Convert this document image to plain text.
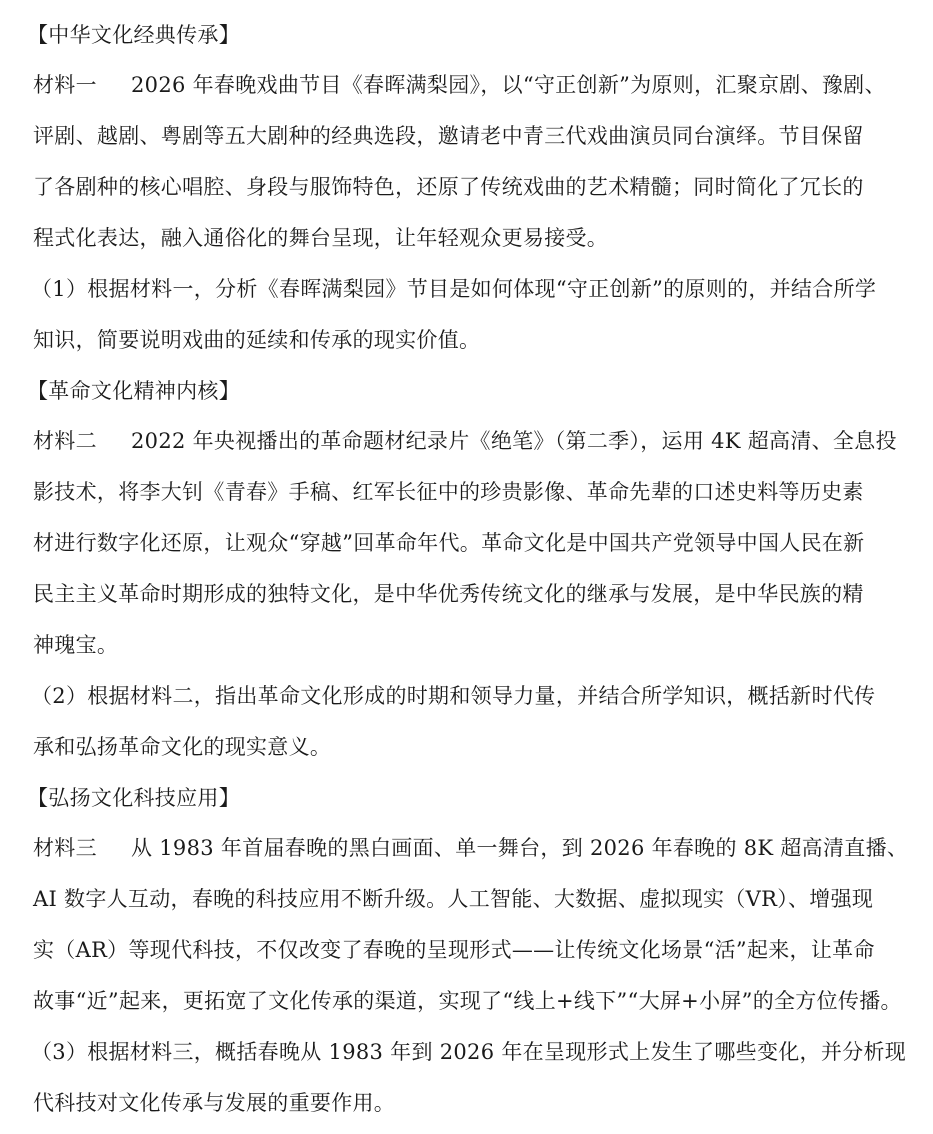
【中华文化经典传承】
材料一 2026 年春晚戏曲节目《春晖满梨园》，以“守正创新”为原则，汇聚京剧、豫剧、
评剧、越剧、粤剧等五大剧种的经典选段，邀请老中青三代戏曲演员同台演绎。节目保留
了各剧种的核心唱腔、身段与服饰特色，还原了传统戏曲的艺术精髓；同时简化了冗长的
程式化表达，融入通俗化的舞台呈现，让年轻观众更易接受。
（1）根据材料一，分析《春晖满梨园》节目是如何体现“守正创新”的原则的，并结合所学
知识，简要说明戏曲的延续和传承的现实价值。
【革命文化精神内核】
材料二 2022 年央视播出的革命题材纪录片《绝笔》（第二季），运用 4K 超高清、全息投
影技术，将李大钊《青春》手稿、红军长征中的珍贵影像、革命先辈的口述史料等历史素
材进行数字化还原，让观众“穿越”回革命年代。革命文化是中国共产党领导中国人民在新
民主主义革命时期形成的独特文化，是中华优秀传统文化的继承与发展，是中华民族的精
神瑰宝。
（2）根据材料二，指出革命文化形成的时期和领导力量，并结合所学知识，概括新时代传
承和弘扬革命文化的现实意义。
【弘扬文化科技应用】
材料三 从 1983 年首届春晚的黑白画面、单一舞台，到 2026 年春晚的 8K 超高清直播、
AI 数字人互动，春晚的科技应用不断升级。人工智能、大数据、虚拟现实（VR）、增强现
实（AR）等现代科技，不仅改变了春晚的呈现形式——让传统文化场景“活”起来，让革命
故事“近”起来，更拓宽了文化传承的渠道，实现了“线上+线下”“大屏+小屏”的全方位传播。
（3）根据材料三，概括春晚从 1983 年到 2026 年在呈现形式上发生了哪些变化，并分析现
代科技对文化传承与发展的重要作用。
